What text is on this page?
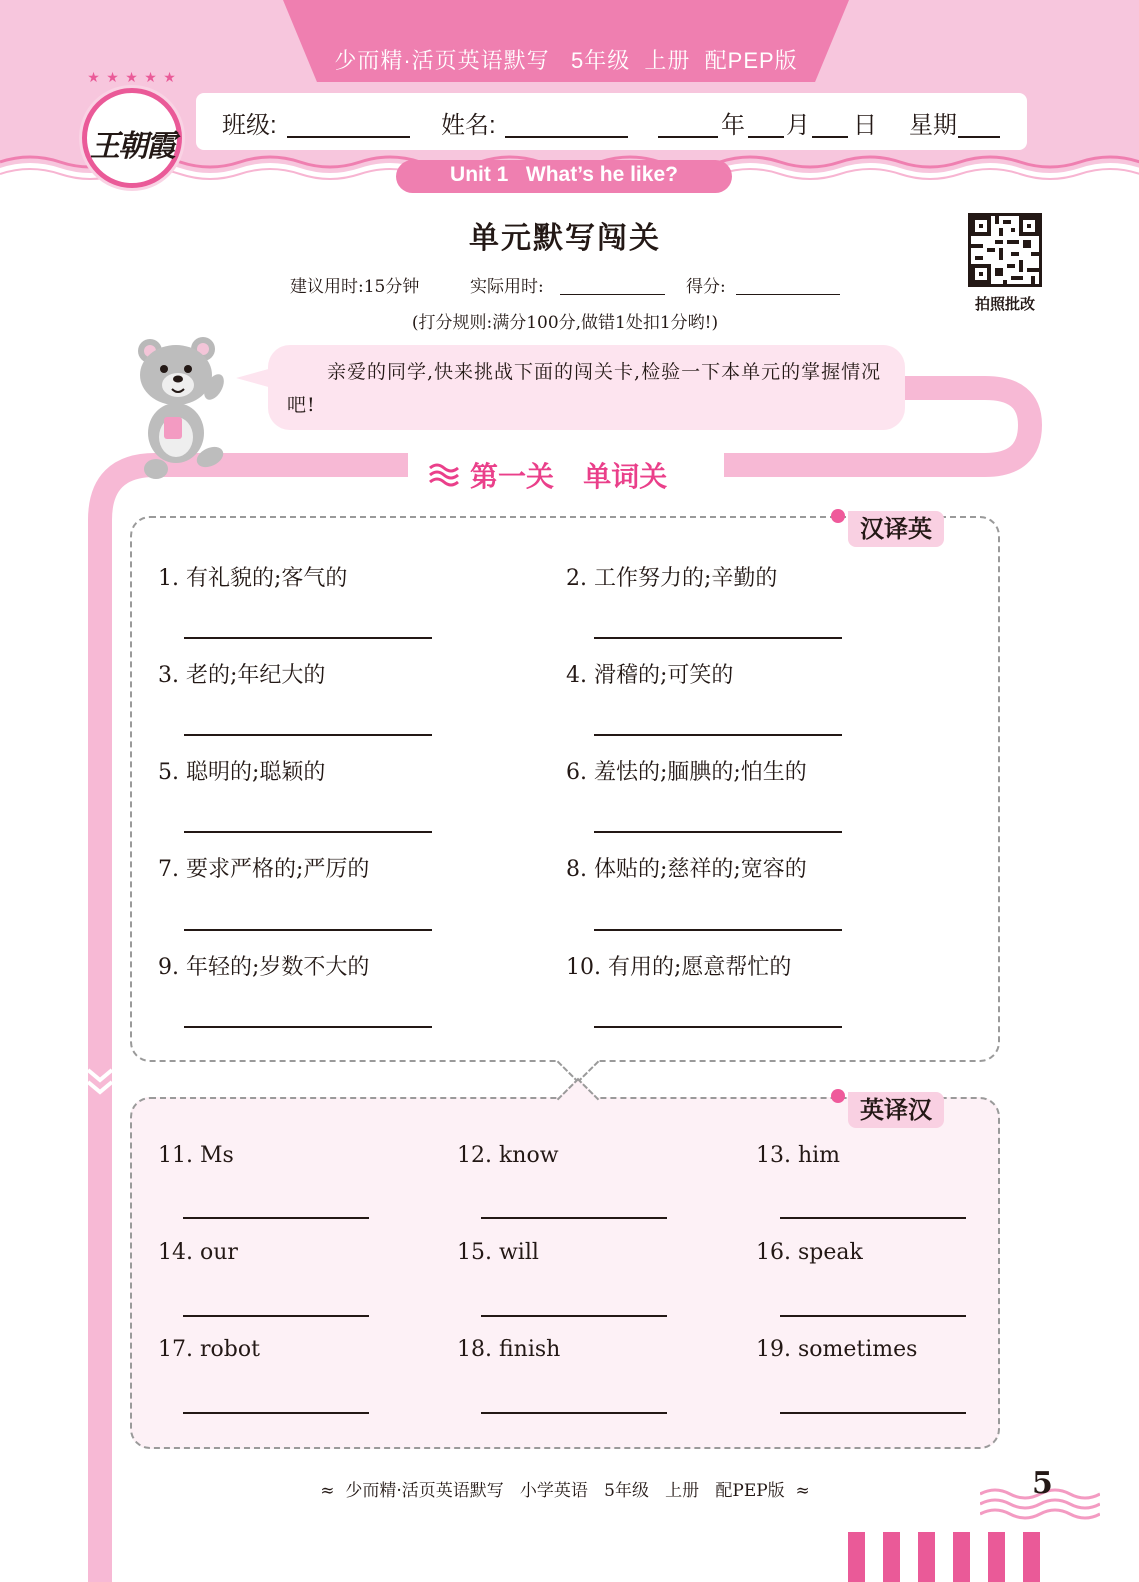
少而精·活页英语默写   5年级  上册  配PEP版
★ ★ ★ ★ ★
王朝霞
班级:	姓名:	年 月 日 星期
Unit 1   What’s he like?
单元默写闯关
建议用时:15分钟	实际用时:	得分:
(打分规则:满分100分,做错1处扣1分哟!)
拍照批改
亲爱的同学,快来挑战下面的闯关卡,检验一下本单元的掌握情况吧!
第一关   单词关
汉译英
1. 有礼貌的;客气的	2. 工作努力的;辛勤的
3. 老的;年纪大的	4. 滑稽的;可笑的
5. 聪明的;聪颖的	6. 羞怯的;腼腆的;怕生的
7. 要求严格的;严厉的	8. 体贴的;慈祥的;宽容的
9. 年轻的;岁数不大的	10. 有用的;愿意帮忙的
英译汉
11. Ms	12. know	13. him
14. our	15. will	16. speak
17. robot	18. finish	19. sometimes
≈  少而精·活页英语默写   小学英语   5年级   上册   配PEP版  ≈	5
